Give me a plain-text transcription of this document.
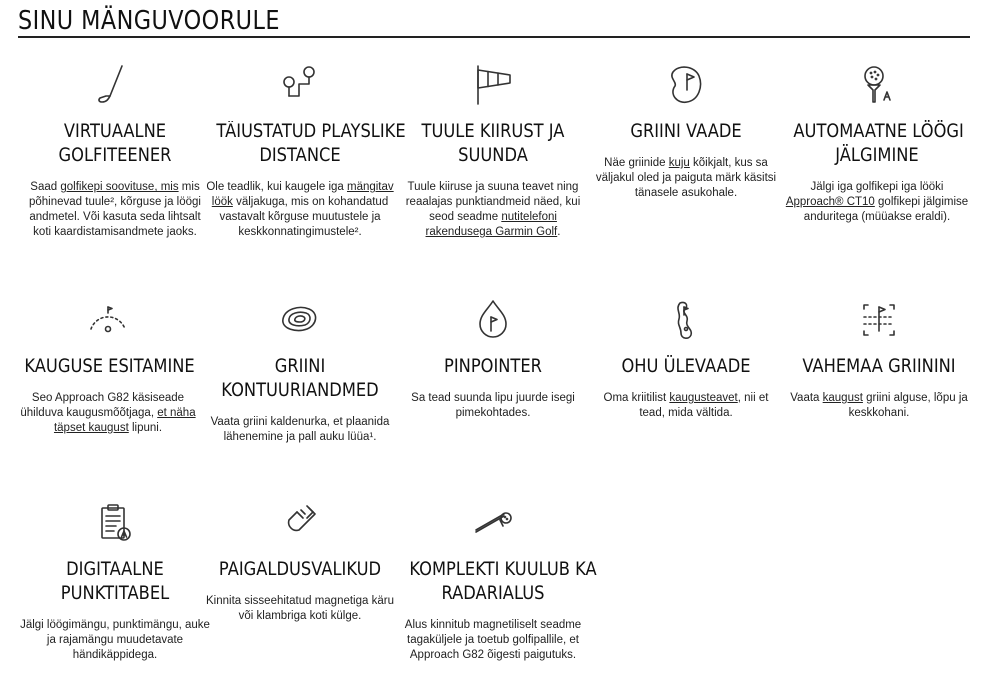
SINU MÄNGUVOORULE
VIRTUAALNE
GOLFITEENER
Saad golfikepi soovituse, mis mis põhinevad tuule², kõrguse ja löögi andmetel. Või kasuta seda lihtsalt koti kaardistamisandmete jaoks.
TÄIUSTATUD PLAYSLIKE
DISTANCE
Ole teadlik, kui kaugele iga mängitav löök väljakuga, mis on kohandatud vastavalt kõrguse muutustele ja keskkonnatingimustele².
TUULE KIIRUST JA
SUUNDA
Tuule kiiruse ja suuna teavet ning reaalajas punktiandmeid näed, kui seod seadme nutitelefoni rakendusega Garmin Golf.
GRIINI VAADE
Näe griinide kuju kõikjalt, kus sa väljakul oled ja paiguta märk käsitsi tänasele asukohale.
AUTOMAATNE LÖÖGI
JÄLGIMINE
Jälgi iga golfikepi iga lööki Approach® CT10 golfikepi jälgimise anduritega (müüakse eraldi).
KAUGUSE ESITAMINE
Seo Approach G82 käsiseade ühilduva kaugusmõõtjaga, et näha täpset kaugust lipuni.
GRIINI
KONTUURIANDMED
Vaata griini kaldenurka, et plaanida lähenemine ja pall auku lüüa¹.
PINPOINTER
Sa tead suunda lipu juurde isegi pimekohtades.
OHU ÜLEVAADE
Oma kriitilist kaugusteavet, nii et tead, mida vältida.
VAHEMAA GRIININI
Vaata kaugust griini alguse, lõpu ja keskkohani.
DIGITAALNE
PUNKTITABEL
Jälgi löögimängu, punktimängu, auke ja rajamängu muudetavate händikäppidega.
PAIGALDUSVALIKUD
Kinnita sisseehitatud magnetiga käru või klambriga koti külge.
KOMPLEKTI KUULUB KA
RADARIALUS
Alus kinnitub magnetiliselt seadme tagaküljele ja toetub golfipallile, et Approach G82 õigesti paigutuks.
